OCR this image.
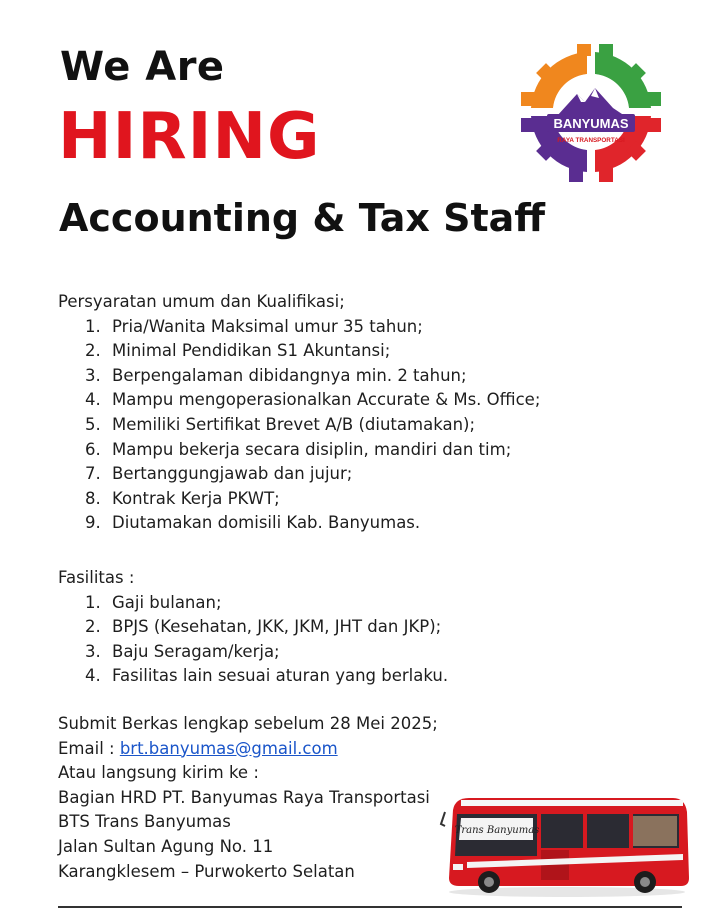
We Are
HIRING
Accounting & Tax Staff
BANYUMAS
RAYA TRANSPORTASI
Persyaratan umum dan Kualifikasi;
1. Pria/Wanita Maksimal umur 35 tahun;
2. Minimal Pendidikan S1 Akuntansi;
3. Berpengalaman dibidangnya min. 2 tahun;
4. Mampu mengoperasionalkan Accurate & Ms. Office;
5. Memiliki Sertifikat Brevet A/B (diutamakan);
6. Mampu bekerja secara disiplin, mandiri dan tim;
7. Bertanggungjawab dan jujur;
8. Kontrak Kerja PKWT;
9. Diutamakan domisili Kab. Banyumas.
Fasilitas :
1. Gaji bulanan;
2. BPJS (Kesehatan, JKK, JKM, JHT dan JKP);
3. Baju Seragam/kerja;
4. Fasilitas lain sesuai aturan yang berlaku.
Submit Berkas lengkap sebelum 28 Mei 2025;
Email : brt.banyumas@gmail.com
Atau langsung kirim ke :
Bagian HRD PT. Banyumas Raya Transportasi
BTS Trans Banyumas
Jalan Sultan Agung No. 11
Karangklesem – Purwokerto Selatan
Trans Banyumas
